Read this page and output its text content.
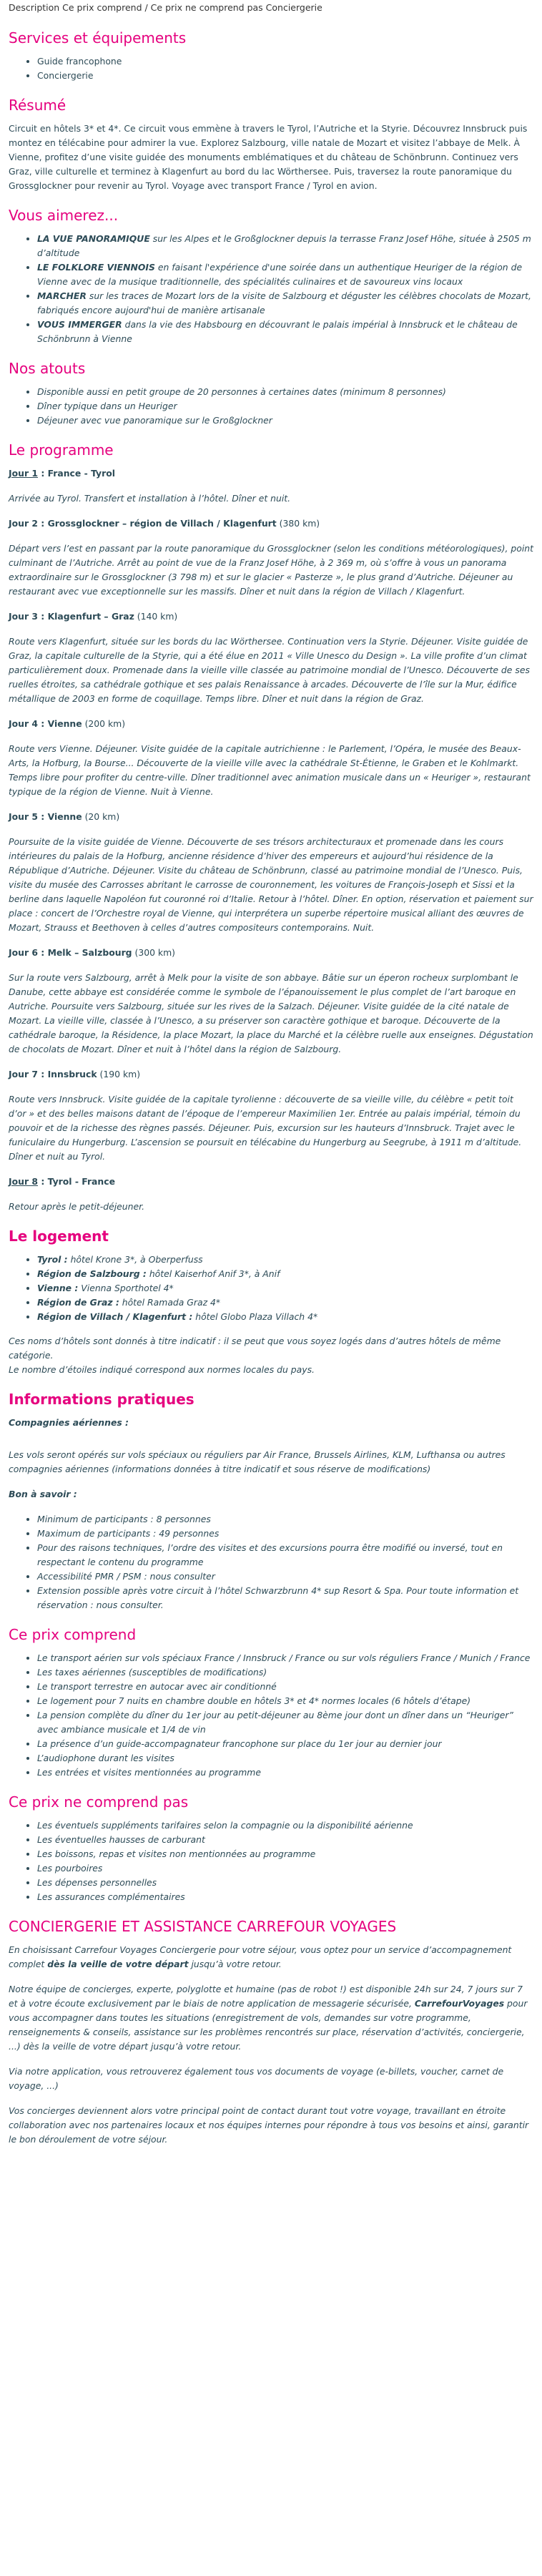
Description Ce prix comprend / Ce prix ne comprend pas Conciergerie
Services et équipements
• Guide francophone
• Conciergerie
Résumé

Circuit en hôtels 3* et 4*. Ce circuit vous emmène à travers le Tyrol, l’Autriche et la Styrie. Découvrez Innsbruck puis montez en télécabine pour admirer la vue. Explorez Salzbourg, ville natale de Mozart et visitez l’abbaye de Melk. À Vienne, profitez d’une visite guidée des monuments emblématiques et du château de Schönbrunn. Continuez vers Graz, ville culturelle et terminez à Klagenfurt au bord du lac Wörthersee. Puis, traversez la route panoramique du Grossglockner pour revenir au Tyrol. Voyage avec transport France / Tyrol en avion.

Vous aimerez...
• LA VUE PANORAMIQUE sur les Alpes et le Großglockner depuis la terrasse Franz Josef Höhe, située à 2505 m d’altitude
• LE FOLKLORE VIENNOIS en faisant l'expérience d'une soirée dans un authentique Heuriger de la région de Vienne avec de la musique traditionnelle, des spécialités culinaires et de savoureux vins locaux
• MARCHER sur les traces de Mozart lors de la visite de Salzbourg et déguster les célèbres chocolats de Mozart, fabriqués encore aujourd'hui de manière artisanale
• VOUS IMMERGER dans la vie des Habsbourg en découvrant le palais impérial à Innsbruck et le château de Schönbrunn à Vienne
Nos atouts
• Disponible aussi en petit groupe de 20 personnes à certaines dates (minimum 8 personnes)
• Dîner typique dans un Heuriger
• Déjeuner avec vue panoramique sur le Großglockner
Le programme
Jour 1 : France - Tyrol
Arrivée au Tyrol. Transfert et installation à l’hôtel. Dîner et nuit.
Jour 2 : Grossglockner – région de Villach / Klagenfurt (380 km)
Départ vers l’est en passant par la route panoramique du Grossglockner (selon les conditions météorologiques), point culminant de l’Autriche. Arrêt au point de vue de la Franz Josef Höhe, à 2 369 m, où s’offre à vous un panorama extraordinaire sur le Grossglockner (3 798 m) et sur le glacier « Pasterze », le plus grand d’Autriche. Déjeuner au restaurant avec vue exceptionnelle sur les massifs. Dîner et nuit dans la région de Villach / Klagenfurt.
Jour 3 : Klagenfurt – Graz (140 km)
Route vers Klagenfurt, située sur les bords du lac Wörthersee. Continuation vers la Styrie. Déjeuner. Visite guidée de Graz, la capitale culturelle de la Styrie, qui a été élue en 2011 « Ville Unesco du Design ». La ville profite d’un climat particulièrement doux. Promenade dans la vieille ville classée au patrimoine mondial de l’Unesco. Découverte de ses ruelles étroites, sa cathédrale gothique et ses palais Renaissance à arcades. Découverte de l’île sur la Mur, édifice métallique de 2003 en forme de coquillage. Temps libre. Dîner et nuit dans la région de Graz.
Jour 4 : Vienne (200 km)
Route vers Vienne. Déjeuner. Visite guidée de la capitale autrichienne : le Parlement, l’Opéra, le musée des Beaux-Arts, la Hofburg, la Bourse... Découverte de la vieille ville avec la cathédrale St-Étienne, le Graben et le Kohlmarkt. Temps libre pour profiter du centre-ville. Dîner traditionnel avec animation musicale dans un « Heuriger », restaurant typique de la région de Vienne. Nuit à Vienne.
Jour 5 : Vienne (20 km)
Poursuite de la visite guidée de Vienne. Découverte de ses trésors architecturaux et promenade dans les cours intérieures du palais de la Hofburg, ancienne résidence d’hiver des empereurs et aujourd’hui résidence de la République d’Autriche. Déjeuner. Visite du château de Schönbrunn, classé au patrimoine mondial de l’Unesco. Puis, visite du musée des Carrosses abritant le carrosse de couronnement, les voitures de François-Joseph et Sissi et la berline dans laquelle Napoléon fut couronné roi d’Italie. Retour à l’hôtel. Dîner. En option, réservation et paiement sur place : concert de l’Orchestre royal de Vienne, qui interprétera un superbe répertoire musical alliant des œuvres de Mozart, Strauss et Beethoven à celles d’autres compositeurs contemporains. Nuit.
Jour 6 : Melk – Salzbourg (300 km)
Sur la route vers Salzbourg, arrêt à Melk pour la visite de son abbaye. Bâtie sur un éperon rocheux surplombant le Danube, cette abbaye est considérée comme le symbole de l’épanouissement le plus complet de l’art baroque en Autriche. Poursuite vers Salzbourg, située sur les rives de la Salzach. Déjeuner. Visite guidée de la cité natale de Mozart. La vieille ville, classée à l’Unesco, a su préserver son caractère gothique et baroque. Découverte de la cathédrale baroque, la Résidence, la place Mozart, la place du Marché et la célèbre ruelle aux enseignes. Dégustation de chocolats de Mozart. Dîner et nuit à l’hôtel dans la région de Salzbourg.
Jour 7 : Innsbruck (190 km)
Route vers Innsbruck. Visite guidée de la capitale tyrolienne : découverte de sa vieille ville, du célèbre « petit toit d’or » et des belles maisons datant de l’époque de l’empereur Maximilien 1er. Entrée au palais impérial, témoin du pouvoir et de la richesse des règnes passés. Déjeuner. Puis, excursion sur les hauteurs d’Innsbruck. Trajet avec le funiculaire du Hungerburg. L’ascension se poursuit en télécabine du Hungerburg au Seegrube, à 1911 m d’altitude. Dîner et nuit au Tyrol.
Jour 8 : Tyrol - France
Retour après le petit-déjeuner.
Le logement
• Tyrol : hôtel Krone 3*, à Oberperfuss
• Région de Salzbourg : hôtel Kaiserhof Anif 3*, à Anif
• Vienne : Vienna Sporthotel 4*
• Région de Graz : hôtel Ramada Graz 4*
• Région de Villach / Klagenfurt : hôtel Globo Plaza Villach 4*

Ces noms d’hôtels sont donnés à titre indicatif : il se peut que vous soyez logés dans d’autres hôtels de même catégorie.
Le nombre d’étoiles indiqué correspond aux normes locales du pays.

Informations pratiques

Compagnies aériennes :

Les vols seront opérés sur vols spéciaux ou réguliers par Air France, Brussels Airlines, KLM, Lufthansa ou autres compagnies aériennes (informations données à titre indicatif et sous réserve de modifications)

Bon à savoir :

• Minimum de participants : 8 personnes
• Maximum de participants : 49 personnes
• Pour des raisons techniques, l’ordre des visites et des excursions pourra être modifié ou inversé, tout en respectant le contenu du programme
• Accessibilité PMR / PSM : nous consulter
• Extension possible après votre circuit à l’hôtel Schwarzbrunn 4* sup Resort & Spa. Pour toute information et réservation : nous consulter.
Ce prix comprend
• Le transport aérien sur vols spéciaux France / Innsbruck / France ou sur vols réguliers France / Munich / France
• Les taxes aériennes (susceptibles de modifications)
• Le transport terrestre en autocar avec air conditionné
• Le logement pour 7 nuits en chambre double en hôtels 3* et 4* normes locales (6 hôtels d’étape)
• La pension complète du dîner du 1er jour au petit-déjeuner au 8ème jour dont un dîner dans un “Heuriger” avec ambiance musicale et 1/4 de vin
• La présence d’un guide-accompagnateur francophone sur place du 1er jour au dernier jour
• L’audiophone durant les visites
• Les entrées et visites mentionnées au programme
Ce prix ne comprend pas
• Les éventuels suppléments tarifaires selon la compagnie ou la disponibilité aérienne
• Les éventuelles hausses de carburant
• Les boissons, repas et visites non mentionnées au programme
• Les pourboires
• Les dépenses personnelles
• Les assurances complémentaires
CONCIERGERIE ET ASSISTANCE CARREFOUR VOYAGES

En choisissant Carrefour Voyages Conciergerie pour votre séjour, vous optez pour un service d’accompagnement complet dès la veille de votre départ jusqu’à votre retour.

Notre équipe de concierges, experte, polyglotte et humaine (pas de robot !) est disponible 24h sur 24, 7 jours sur 7 et à votre écoute exclusivement par le biais de notre application de messagerie sécurisée, CarrefourVoyages pour vous accompagner dans toutes les situations (enregistrement de vols, demandes sur votre programme, renseignements & conseils, assistance sur les problèmes rencontrés sur place, réservation d’activités, conciergerie, ...) dès la veille de votre départ jusqu’à votre retour.

Via notre application, vous retrouverez également tous vos documents de voyage (e-billets, voucher, carnet de voyage, ...)

Vos concierges deviennent alors votre principal point de contact durant tout votre voyage, travaillant en étroite collaboration avec nos partenaires locaux et nos équipes internes pour répondre à tous vos besoins et ainsi, garantir le bon déroulement de votre séjour.
